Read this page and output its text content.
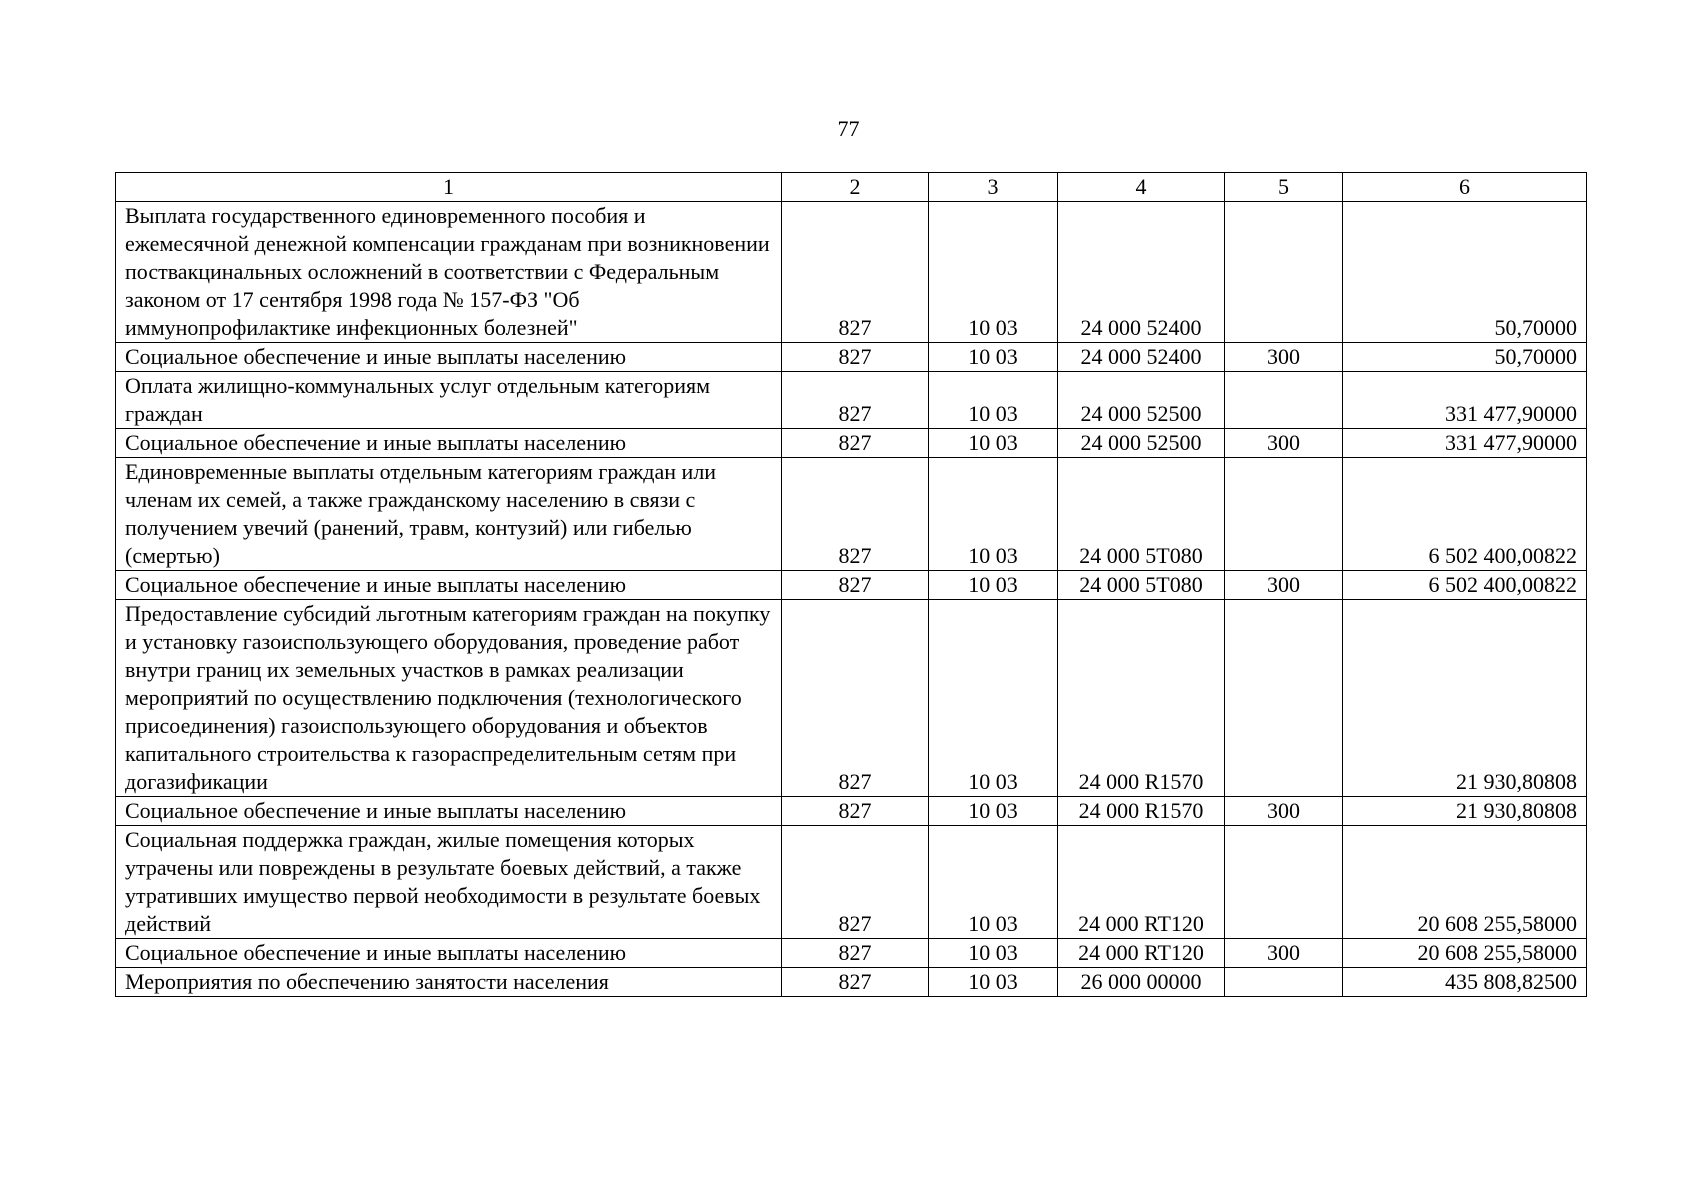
77
1	2	3	4	5	6
Выплата государственного единовременного пособия и ежемесячной денежной компенсации гражданам при возникновении поствакцинальных осложнений в соответствии с Федеральным законом от 17 сентября 1998 года № 157-ФЗ "Об иммунопрофилактике инфекционных болезней"	827	10 03	24 000 52400		50,70000
Социальное обеспечение и иные выплаты населению	827	10 03	24 000 52400	300	50,70000
Оплата жилищно-коммунальных услуг отдельным категориям граждан	827	10 03	24 000 52500		331 477,90000
Социальное обеспечение и иные выплаты населению	827	10 03	24 000 52500	300	331 477,90000
Единовременные выплаты отдельным категориям граждан или членам их семей, а также гражданскому населению в связи с получением увечий (ранений, травм, контузий) или гибелью (смертью)	827	10 03	24 000 5Т080		6 502 400,00822
Социальное обеспечение и иные выплаты населению	827	10 03	24 000 5Т080	300	6 502 400,00822
Предоставление субсидий льготным категориям граждан на покупку и установку газоиспользующего оборудования, проведение работ внутри границ их земельных участков в рамках реализации мероприятий по осуществлению подключения (технологического присоединения) газоиспользующего оборудования и объектов капитального строительства к газораспределительным сетям при догазификации	827	10 03	24 000 R1570		21 930,80808
Социальное обеспечение и иные выплаты населению	827	10 03	24 000 R1570	300	21 930,80808
Социальная поддержка граждан, жилые помещения которых утрачены или повреждены в результате боевых действий, а также утративших имущество первой необходимости в результате боевых действий	827	10 03	24 000 RT120		20 608 255,58000
Социальное обеспечение и иные выплаты населению	827	10 03	24 000 RT120	300	20 608 255,58000
Мероприятия по обеспечению занятости населения	827	10 03	26 000 00000		435 808,82500
